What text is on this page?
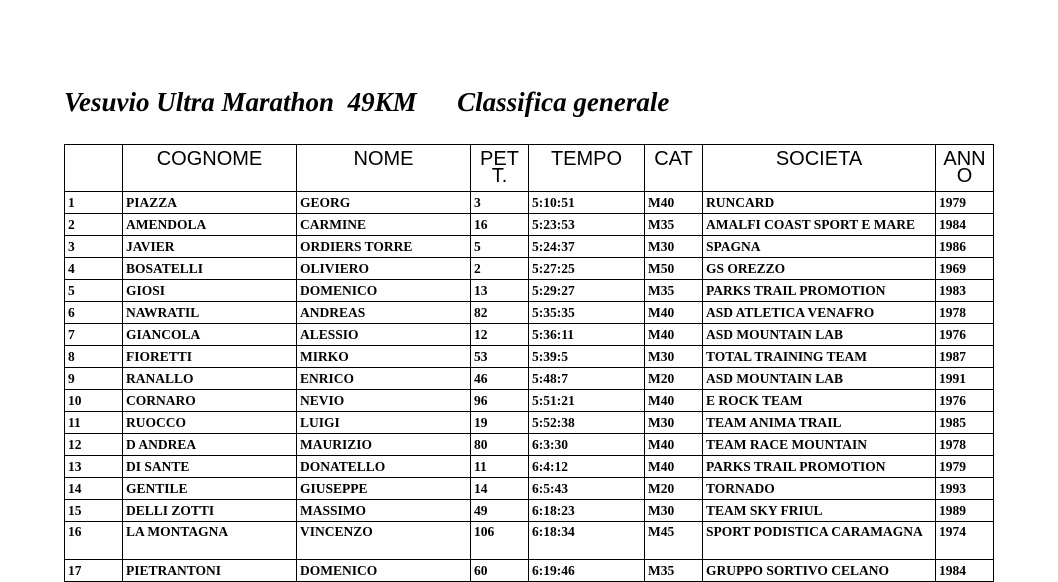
Vesuvio Ultra Marathon  49KM      Classifica generale
	COGNOME	NOME	PET T.	TEMPO	CAT	SOCIETA	ANN O
1	PIAZZA	GEORG	3	5:10:51	M40	RUNCARD	1979
2	AMENDOLA	CARMINE	16	5:23:53	M35	AMALFI COAST SPORT E MARE	1984
3	JAVIER	ORDIERS TORRE	5	5:24:37	M30	SPAGNA	1986
4	BOSATELLI	OLIVIERO	2	5:27:25	M50	GS OREZZO	1969
5	GIOSI	DOMENICO	13	5:29:27	M35	PARKS TRAIL PROMOTION	1983
6	NAWRATIL	ANDREAS	82	5:35:35	M40	ASD ATLETICA VENAFRO	1978
7	GIANCOLA	ALESSIO	12	5:36:11	M40	ASD MOUNTAIN LAB	1976
8	FIORETTI	MIRKO	53	5:39:5	M30	TOTAL TRAINING TEAM	1987
9	RANALLO	ENRICO	46	5:48:7	M20	ASD MOUNTAIN LAB	1991
10	CORNARO	NEVIO	96	5:51:21	M40	E ROCK TEAM	1976
11	RUOCCO	LUIGI	19	5:52:38	M30	TEAM ANIMA TRAIL	1985
12	D ANDREA	MAURIZIO	80	6:3:30	M40	TEAM RACE MOUNTAIN	1978
13	DI SANTE	DONATELLO	11	6:4:12	M40	PARKS TRAIL PROMOTION	1979
14	GENTILE	GIUSEPPE	14	6:5:43	M20	TORNADO	1993
15	DELLI ZOTTI	MASSIMO	49	6:18:23	M30	TEAM SKY FRIUL	1989
16	LA MONTAGNA	VINCENZO	106	6:18:34	M45	SPORT PODISTICA CARAMAGNA	1974
17	PIETRANTONI	DOMENICO	60	6:19:46	M35	GRUPPO SORTIVO CELANO	1984
